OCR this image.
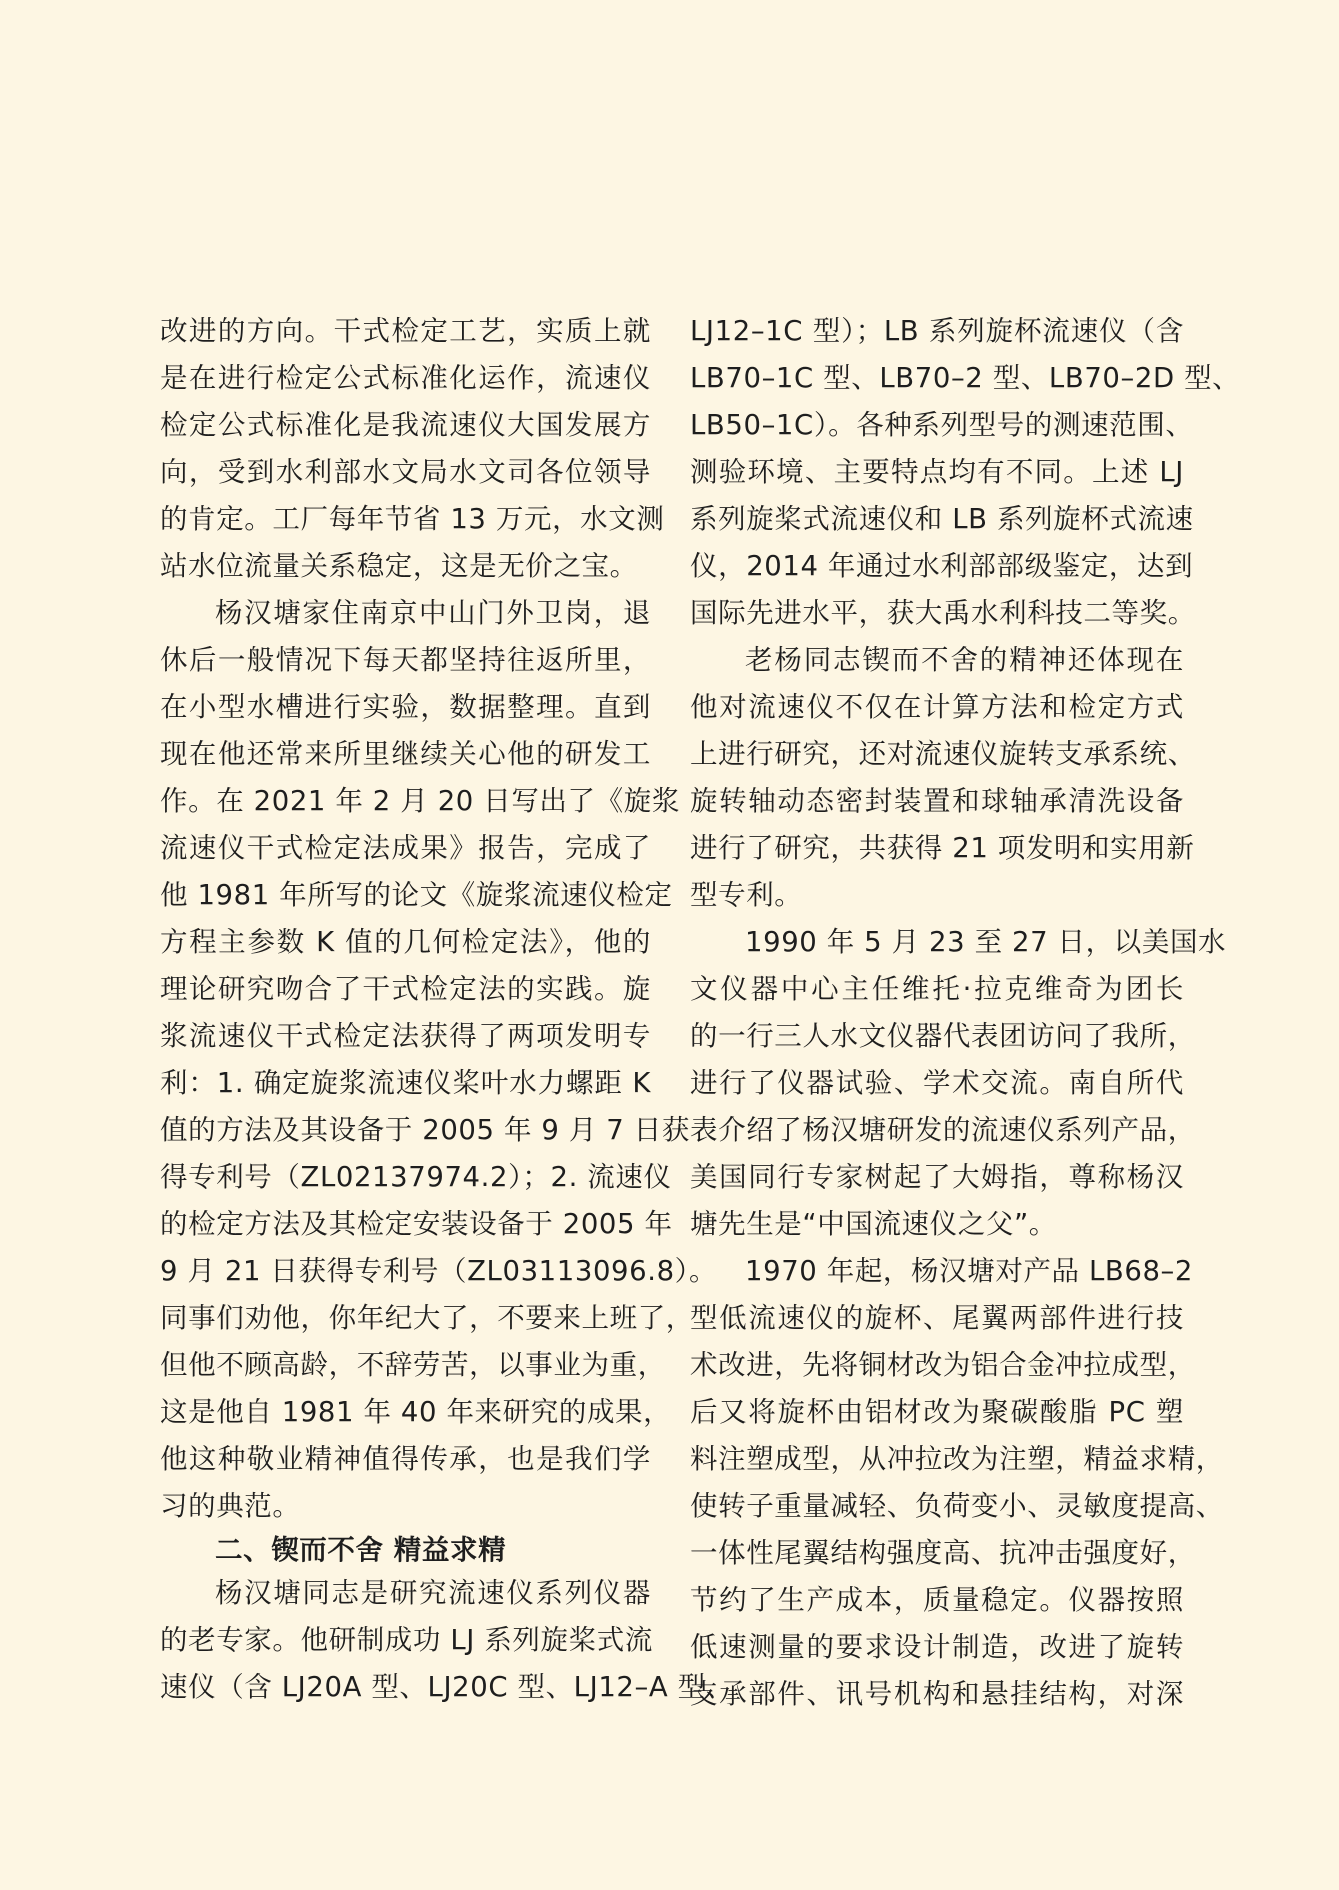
改进的方向。干式检定工艺，实质上就
是在进行检定公式标准化运作，流速仪
检定公式标准化是我流速仪大国发展方
向，受到水利部水文局水文司各位领导
的肯定。工厂每年节省 13 万元，水文测
站水位流量关系稳定，这是无价之宝。
杨汉塘家住南京中山门外卫岗，退
休后一般情况下每天都坚持往返所里，
在小型水槽进行实验，数据整理。直到
现在他还常来所里继续关心他的研发工
作。在 2021 年 2 月 20 日写出了《旋浆
流速仪干式检定法成果》报告，完成了
他 1981 年所写的论文《旋浆流速仪检定
方程主参数 K 值的几何检定法》，他的
理论研究吻合了干式检定法的实践。旋
浆流速仪干式检定法获得了两项发明专
利：1. 确定旋浆流速仪桨叶水力螺距 K
值的方法及其设备于 2005 年 9 月 7 日获
得专利号（ZL02137974.2）；2. 流速仪
的检定方法及其检定安装设备于 2005 年
9 月 21 日获得专利号（ZL03113096.8）。
同事们劝他，你年纪大了，不要来上班了，
但他不顾高龄，不辞劳苦，以事业为重，
这是他自 1981 年 40 年来研究的成果，
他这种敬业精神值得传承，也是我们学
习的典范。
二、锲而不舍 精益求精
杨汉塘同志是研究流速仪系列仪器
的老专家。他研制成功 LJ 系列旋桨式流
速仪（含 LJ20A 型、LJ20C 型、LJ12–A 型、
LJ12–1C 型）；LB 系列旋杯流速仪（含
LB70–1C 型、LB70–2 型、LB70–2D 型、
LB50–1C）。各种系列型号的测速范围、
测验环境、主要特点均有不同。上述 LJ
系列旋桨式流速仪和 LB 系列旋杯式流速
仪，2014 年通过水利部部级鉴定，达到
国际先进水平，获大禹水利科技二等奖。
老杨同志锲而不舍的精神还体现在
他对流速仪不仅在计算方法和检定方式
上进行研究，还对流速仪旋转支承系统、
旋转轴动态密封装置和球轴承清洗设备
进行了研究，共获得 21 项发明和实用新
型专利。
1990 年 5 月 23 至 27 日，以美国水
文仪器中心主任维托·拉克维奇为团长
的一行三人水文仪器代表团访问了我所，
进行了仪器试验、学术交流。南自所代
表介绍了杨汉塘研发的流速仪系列产品，
美国同行专家树起了大姆指，尊称杨汉
塘先生是“中国流速仪之父”。
1970 年起，杨汉塘对产品 LB68–2
型低流速仪的旋杯、尾翼两部件进行技
术改进，先将铜材改为铝合金冲拉成型，
后又将旋杯由铝材改为聚碳酸脂 PC 塑
料注塑成型，从冲拉改为注塑，精益求精，
使转子重量减轻、负荷变小、灵敏度提高、
一体性尾翼结构强度高、抗冲击强度好，
节约了生产成本，质量稳定。仪器按照
低速测量的要求设计制造，改进了旋转
支承部件、讯号机构和悬挂结构，对深
